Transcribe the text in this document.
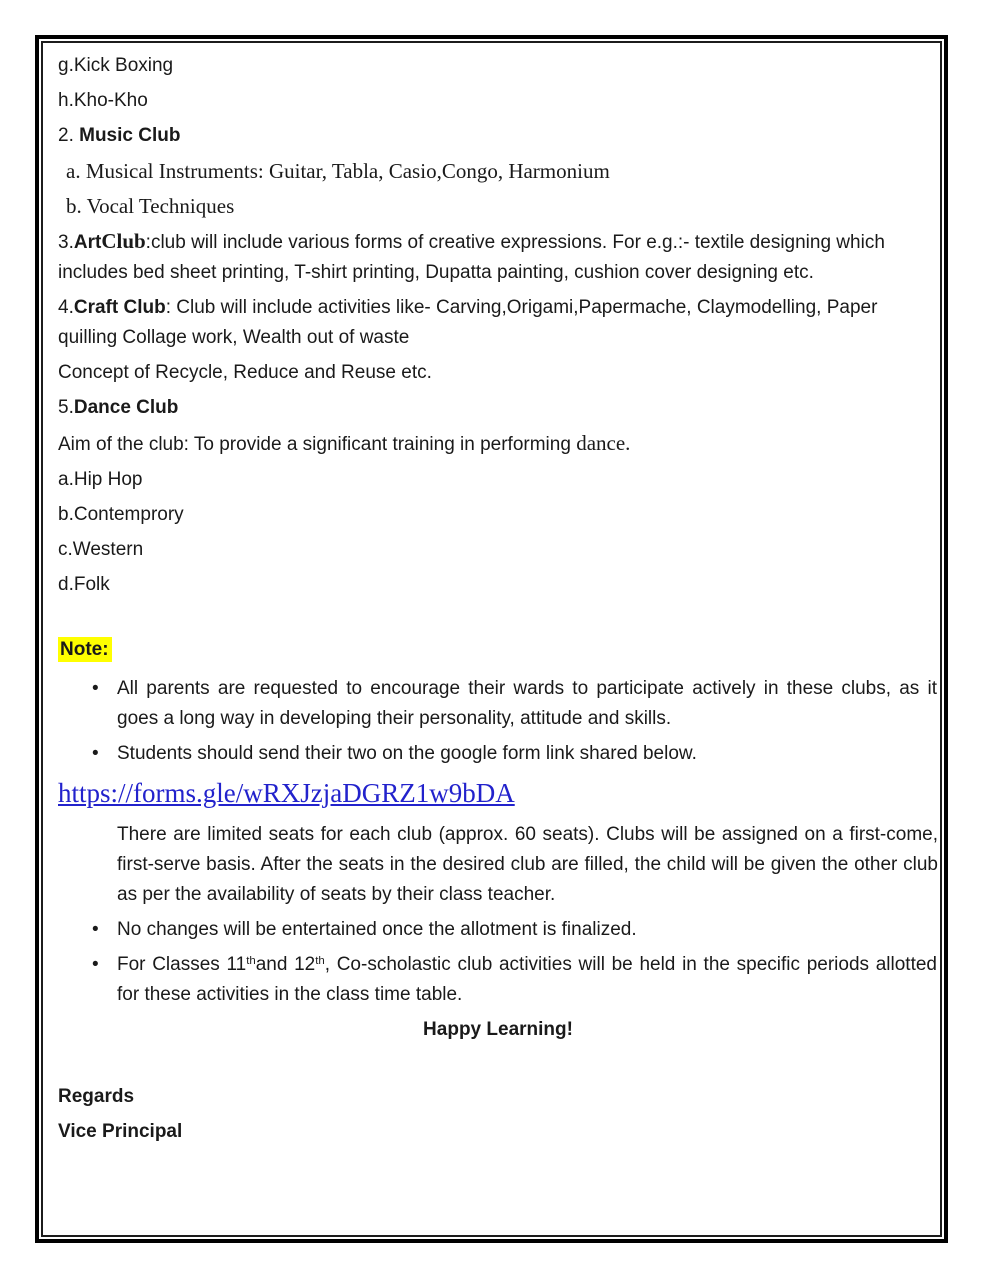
g.Kick Boxing

h.Kho-Kho

2. Music Club

a. Musical Instruments: Guitar, Tabla, Casio,Congo, Harmonium

b. Vocal Techniques

3.ArtClub:club will include various forms of creative expressions. For e.g.:- textile designing which includes bed sheet printing, T-shirt printing, Dupatta painting, cushion cover designing etc.

4.Craft Club: Club will include activities like- Carving,Origami,Papermache, Claymodelling, Paper quilling Collage work, Wealth out of waste

Concept of Recycle, Reduce and Reuse etc.

5.Dance Club

Aim of the club: To provide a significant training in performing dance.

a.Hip Hop

b.Contemprory

c.Western

d.Folk

Note:

• All parents are requested to encourage their wards to participate actively in these clubs, as it goes a long way in developing their personality, attitude and skills.
• Students should send their two on the google form link shared below.

https://forms.gle/wRXJzjaDGRZ1w9bDA

There are limited seats for each club (approx. 60 seats). Clubs will be assigned on a first-come, first-serve basis. After the seats in the desired club are filled, the child will be given the other club as per the availability of seats by their class teacher.

• No changes will be entertained once the allotment is finalized.
• For Classes 11thand 12th, Co-scholastic club activities will be held in the specific periods allotted for these activities in the class time table.

Happy Learning!

Regards

Vice Principal
